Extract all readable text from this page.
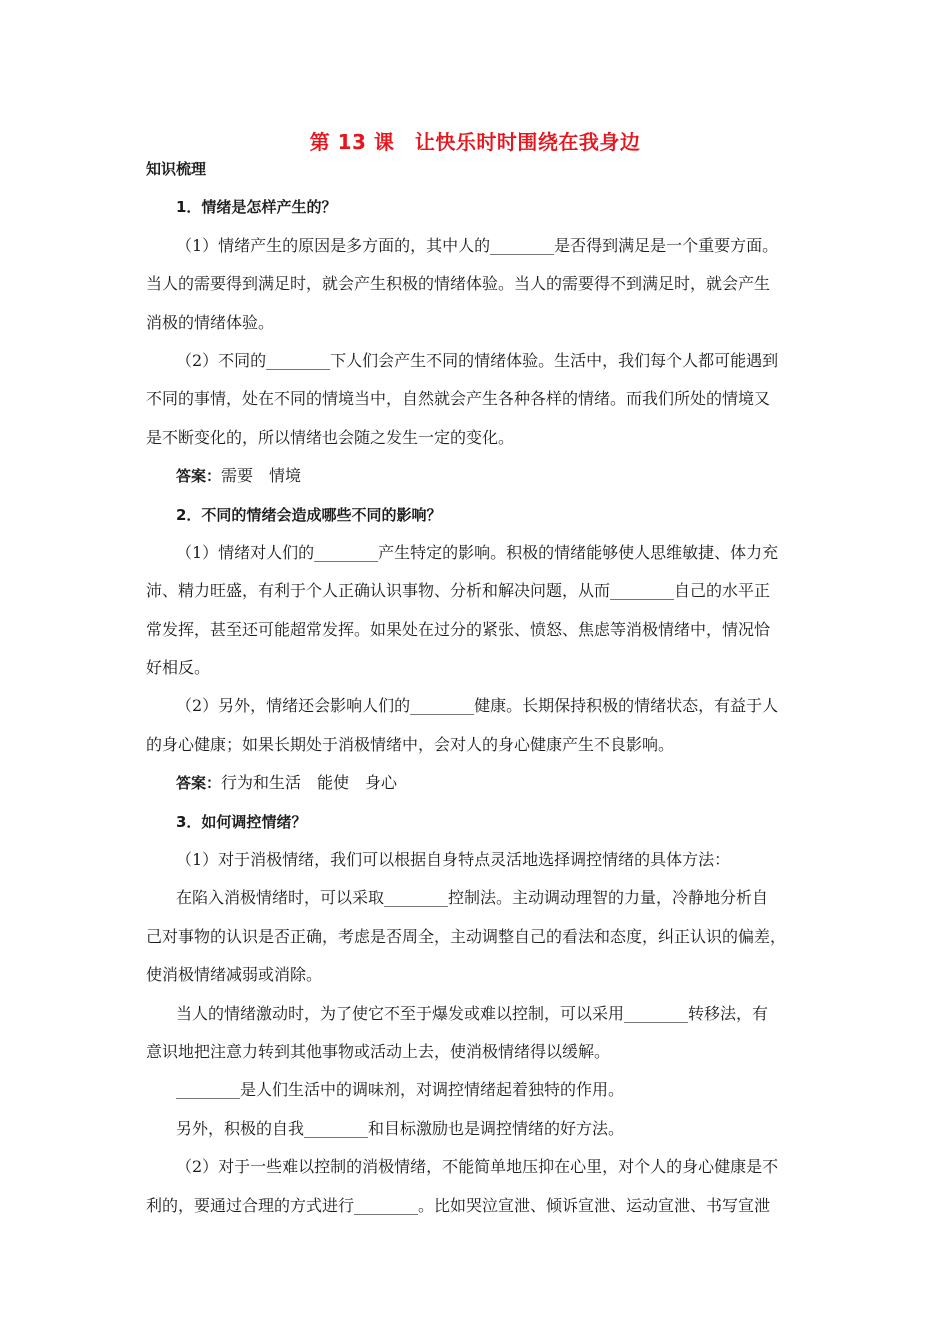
第 13 课　让快乐时时围绕在我身边
知识梳理
1．情绪是怎样产生的？
（1）情绪产生的原因是多方面的，其中人的________是否得到满足是一个重要方面。
当人的需要得到满足时，就会产生积极的情绪体验。当人的需要得不到满足时，就会产生
消极的情绪体验。
（2）不同的________下人们会产生不同的情绪体验。生活中，我们每个人都可能遇到
不同的事情，处在不同的情境当中，自然就会产生各种各样的情绪。而我们所处的情境又
是不断变化的，所以情绪也会随之发生一定的变化。
答案：需要　情境
2．不同的情绪会造成哪些不同的影响？
（1）情绪对人们的________产生特定的影响。积极的情绪能够使人思维敏捷、体力充
沛、精力旺盛，有利于个人正确认识事物、分析和解决问题，从而________自己的水平正
常发挥，甚至还可能超常发挥。如果处在过分的紧张、愤怒、焦虑等消极情绪中，情况恰
好相反。
（2）另外，情绪还会影响人们的________健康。长期保持积极的情绪状态，有益于人
的身心健康；如果长期处于消极情绪中，会对人的身心健康产生不良影响。
答案：行为和生活　能使　身心
3．如何调控情绪？
（1）对于消极情绪，我们可以根据自身特点灵活地选择调控情绪的具体方法：
在陷入消极情绪时，可以采取________控制法。主动调动理智的力量，冷静地分析自
己对事物的认识是否正确，考虑是否周全，主动调整自己的看法和态度，纠正认识的偏差，
使消极情绪减弱或消除。
当人的情绪激动时，为了使它不至于爆发或难以控制，可以采用________转移法，有
意识地把注意力转到其他事物或活动上去，使消极情绪得以缓解。
________是人们生活中的调味剂，对调控情绪起着独特的作用。
另外，积极的自我________和目标激励也是调控情绪的好方法。
（2）对于一些难以控制的消极情绪，不能简单地压抑在心里，对个人的身心健康是不
利的，要通过合理的方式进行________。比如哭泣宣泄、倾诉宣泄、运动宣泄、书写宣泄
